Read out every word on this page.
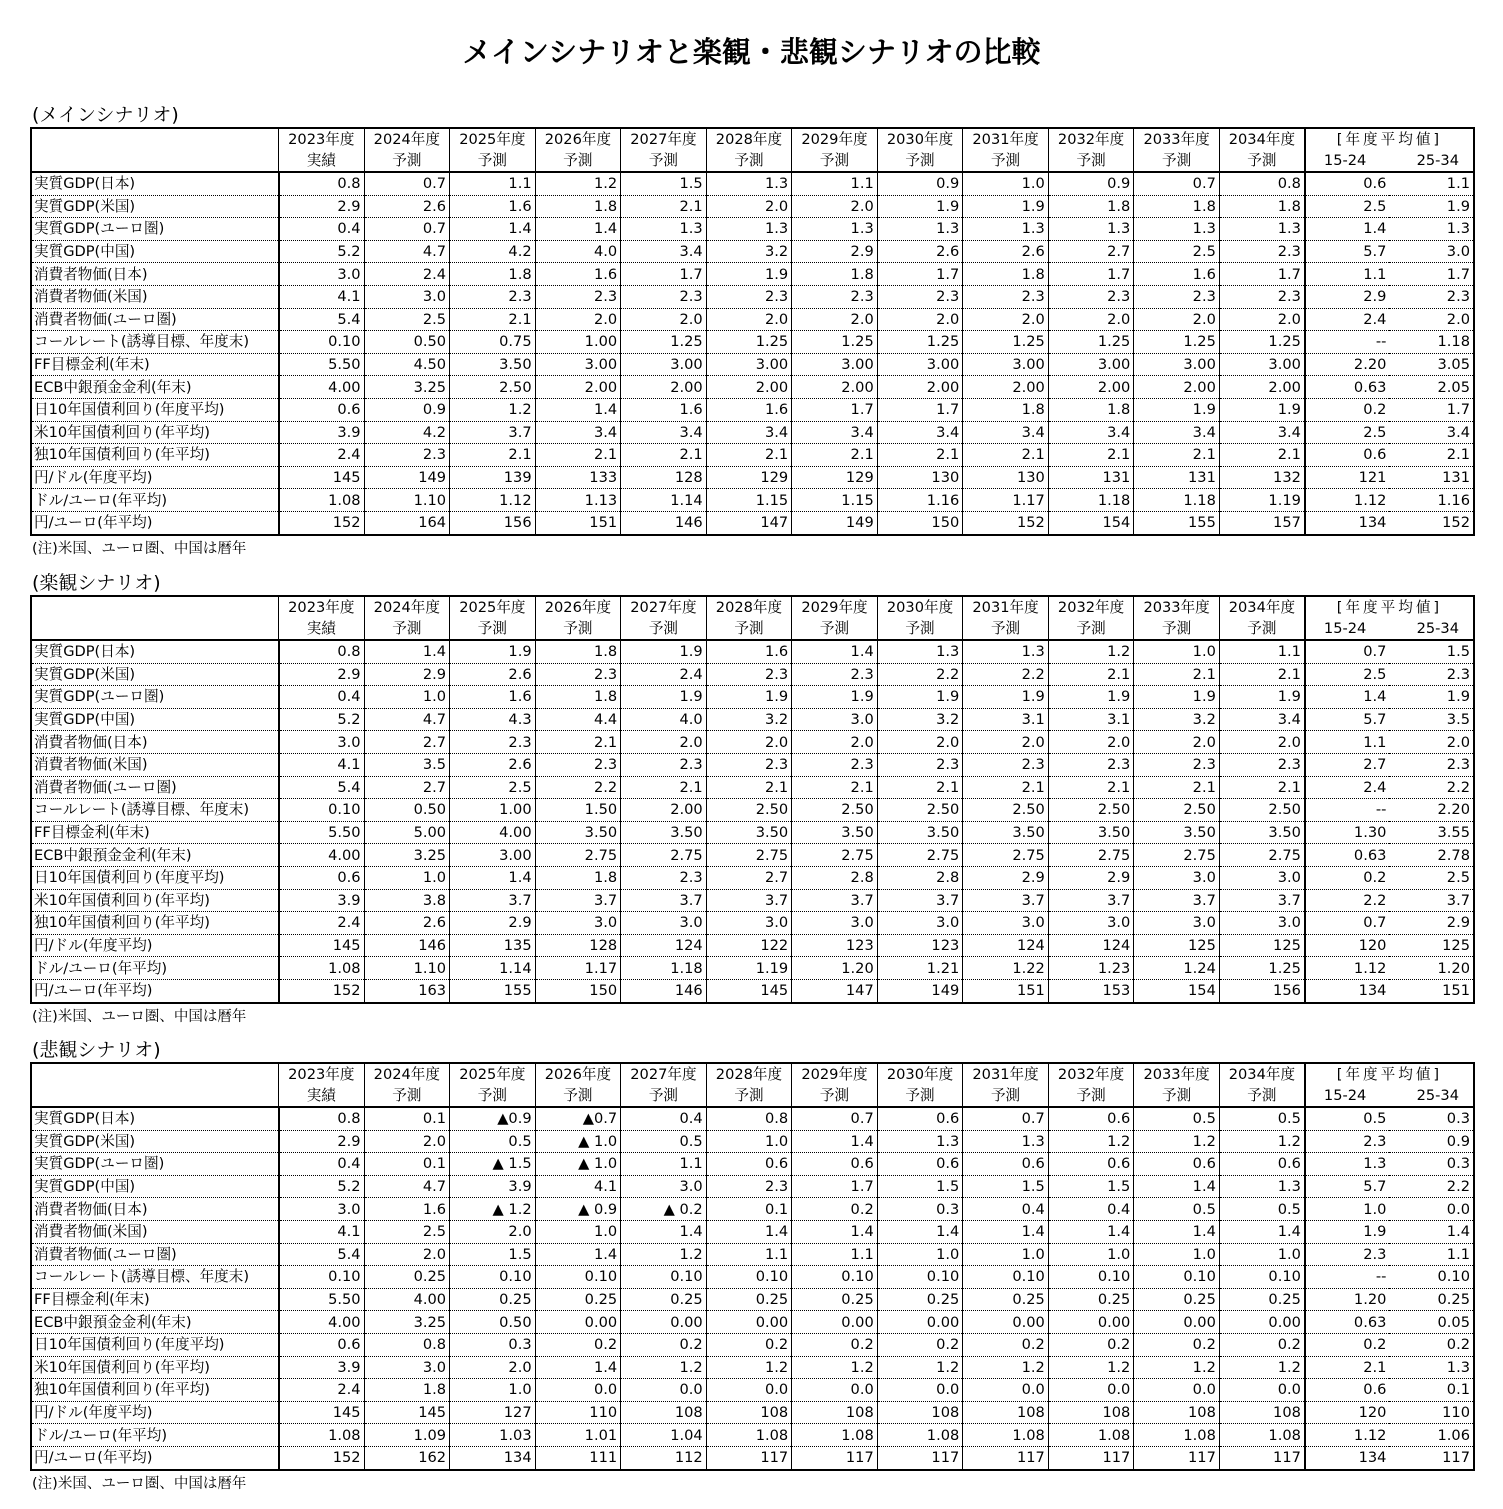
メインシナリオと楽観・悲観シナリオの比較
(メインシナリオ)
	2023年度	2024年度	2025年度	2026年度	2027年度	2028年度	2029年度	2030年度	2031年度	2032年度	2033年度	2034年度	[年度平均値]	
	実績	予測	予測	予測	予測	予測	予測	予測	予測	予測	予測	予測	15-24	25-34
実質GDP(日本)	0.8	0.7	1.1	1.2	1.5	1.3	1.1	0.9	1.0	0.9	0.7	0.8	0.6	1.1
実質GDP(米国)	2.9	2.6	1.6	1.8	2.1	2.0	2.0	1.9	1.9	1.8	1.8	1.8	2.5	1.9
実質GDP(ユーロ圏)	0.4	0.7	1.4	1.4	1.3	1.3	1.3	1.3	1.3	1.3	1.3	1.3	1.4	1.3
実質GDP(中国)	5.2	4.7	4.2	4.0	3.4	3.2	2.9	2.6	2.6	2.7	2.5	2.3	5.7	3.0
消費者物価(日本)	3.0	2.4	1.8	1.6	1.7	1.9	1.8	1.7	1.8	1.7	1.6	1.7	1.1	1.7
消費者物価(米国)	4.1	3.0	2.3	2.3	2.3	2.3	2.3	2.3	2.3	2.3	2.3	2.3	2.9	2.3
消費者物価(ユーロ圏)	5.4	2.5	2.1	2.0	2.0	2.0	2.0	2.0	2.0	2.0	2.0	2.0	2.4	2.0
コールレート(誘導目標、年度末)	0.10	0.50	0.75	1.00	1.25	1.25	1.25	1.25	1.25	1.25	1.25	1.25	--	1.18
FF目標金利(年末)	5.50	4.50	3.50	3.00	3.00	3.00	3.00	3.00	3.00	3.00	3.00	3.00	2.20	3.05
ECB中銀預金金利(年末)	4.00	3.25	2.50	2.00	2.00	2.00	2.00	2.00	2.00	2.00	2.00	2.00	0.63	2.05
日10年国債利回り(年度平均)	0.6	0.9	1.2	1.4	1.6	1.6	1.7	1.7	1.8	1.8	1.9	1.9	0.2	1.7
米10年国債利回り(年平均)	3.9	4.2	3.7	3.4	3.4	3.4	3.4	3.4	3.4	3.4	3.4	3.4	2.5	3.4
独10年国債利回り(年平均)	2.4	2.3	2.1	2.1	2.1	2.1	2.1	2.1	2.1	2.1	2.1	2.1	0.6	2.1
円/ドル(年度平均)	145	149	139	133	128	129	129	130	130	131	131	132	121	131
ドル/ユーロ(年平均)	1.08	1.10	1.12	1.13	1.14	1.15	1.15	1.16	1.17	1.18	1.18	1.19	1.12	1.16
円/ユーロ(年平均)	152	164	156	151	146	147	149	150	152	154	155	157	134	152
(注)米国、ユーロ圏、中国は暦年
(楽観シナリオ)
	2023年度	2024年度	2025年度	2026年度	2027年度	2028年度	2029年度	2030年度	2031年度	2032年度	2033年度	2034年度	[年度平均値]	
	実績	予測	予測	予測	予測	予測	予測	予測	予測	予測	予測	予測	15-24	25-34
実質GDP(日本)	0.8	1.4	1.9	1.8	1.9	1.6	1.4	1.3	1.3	1.2	1.0	1.1	0.7	1.5
実質GDP(米国)	2.9	2.9	2.6	2.3	2.4	2.3	2.3	2.2	2.2	2.1	2.1	2.1	2.5	2.3
実質GDP(ユーロ圏)	0.4	1.0	1.6	1.8	1.9	1.9	1.9	1.9	1.9	1.9	1.9	1.9	1.4	1.9
実質GDP(中国)	5.2	4.7	4.3	4.4	4.0	3.2	3.0	3.2	3.1	3.1	3.2	3.4	5.7	3.5
消費者物価(日本)	3.0	2.7	2.3	2.1	2.0	2.0	2.0	2.0	2.0	2.0	2.0	2.0	1.1	2.0
消費者物価(米国)	4.1	3.5	2.6	2.3	2.3	2.3	2.3	2.3	2.3	2.3	2.3	2.3	2.7	2.3
消費者物価(ユーロ圏)	5.4	2.7	2.5	2.2	2.1	2.1	2.1	2.1	2.1	2.1	2.1	2.1	2.4	2.2
コールレート(誘導目標、年度末)	0.10	0.50	1.00	1.50	2.00	2.50	2.50	2.50	2.50	2.50	2.50	2.50	--	2.20
FF目標金利(年末)	5.50	5.00	4.00	3.50	3.50	3.50	3.50	3.50	3.50	3.50	3.50	3.50	1.30	3.55
ECB中銀預金金利(年末)	4.00	3.25	3.00	2.75	2.75	2.75	2.75	2.75	2.75	2.75	2.75	2.75	0.63	2.78
日10年国債利回り(年度平均)	0.6	1.0	1.4	1.8	2.3	2.7	2.8	2.8	2.9	2.9	3.0	3.0	0.2	2.5
米10年国債利回り(年平均)	3.9	3.8	3.7	3.7	3.7	3.7	3.7	3.7	3.7	3.7	3.7	3.7	2.2	3.7
独10年国債利回り(年平均)	2.4	2.6	2.9	3.0	3.0	3.0	3.0	3.0	3.0	3.0	3.0	3.0	0.7	2.9
円/ドル(年度平均)	145	146	135	128	124	122	123	123	124	124	125	125	120	125
ドル/ユーロ(年平均)	1.08	1.10	1.14	1.17	1.18	1.19	1.20	1.21	1.22	1.23	1.24	1.25	1.12	1.20
円/ユーロ(年平均)	152	163	155	150	146	145	147	149	151	153	154	156	134	151
(注)米国、ユーロ圏、中国は暦年
(悲観シナリオ)
	2023年度	2024年度	2025年度	2026年度	2027年度	2028年度	2029年度	2030年度	2031年度	2032年度	2033年度	2034年度	[年度平均値]	
	実績	予測	予測	予測	予測	予測	予測	予測	予測	予測	予測	予測	15-24	25-34
実質GDP(日本)	0.8	0.1	▲0.9	▲0.7	0.4	0.8	0.7	0.6	0.7	0.6	0.5	0.5	0.5	0.3
実質GDP(米国)	2.9	2.0	0.5	▲ 1.0	0.5	1.0	1.4	1.3	1.3	1.2	1.2	1.2	2.3	0.9
実質GDP(ユーロ圏)	0.4	0.1	▲ 1.5	▲ 1.0	1.1	0.6	0.6	0.6	0.6	0.6	0.6	0.6	1.3	0.3
実質GDP(中国)	5.2	4.7	3.9	4.1	3.0	2.3	1.7	1.5	1.5	1.5	1.4	1.3	5.7	2.2
消費者物価(日本)	3.0	1.6	▲ 1.2	▲ 0.9	▲ 0.2	0.1	0.2	0.3	0.4	0.4	0.5	0.5	1.0	0.0
消費者物価(米国)	4.1	2.5	2.0	1.0	1.4	1.4	1.4	1.4	1.4	1.4	1.4	1.4	1.9	1.4
消費者物価(ユーロ圏)	5.4	2.0	1.5	1.4	1.2	1.1	1.1	1.0	1.0	1.0	1.0	1.0	2.3	1.1
コールレート(誘導目標、年度末)	0.10	0.25	0.10	0.10	0.10	0.10	0.10	0.10	0.10	0.10	0.10	0.10	--	0.10
FF目標金利(年末)	5.50	4.00	0.25	0.25	0.25	0.25	0.25	0.25	0.25	0.25	0.25	0.25	1.20	0.25
ECB中銀預金金利(年末)	4.00	3.25	0.50	0.00	0.00	0.00	0.00	0.00	0.00	0.00	0.00	0.00	0.63	0.05
日10年国債利回り(年度平均)	0.6	0.8	0.3	0.2	0.2	0.2	0.2	0.2	0.2	0.2	0.2	0.2	0.2	0.2
米10年国債利回り(年平均)	3.9	3.0	2.0	1.4	1.2	1.2	1.2	1.2	1.2	1.2	1.2	1.2	2.1	1.3
独10年国債利回り(年平均)	2.4	1.8	1.0	0.0	0.0	0.0	0.0	0.0	0.0	0.0	0.0	0.0	0.6	0.1
円/ドル(年度平均)	145	145	127	110	108	108	108	108	108	108	108	108	120	110
ドル/ユーロ(年平均)	1.08	1.09	1.03	1.01	1.04	1.08	1.08	1.08	1.08	1.08	1.08	1.08	1.12	1.06
円/ユーロ(年平均)	152	162	134	111	112	117	117	117	117	117	117	117	134	117
(注)米国、ユーロ圏、中国は暦年
